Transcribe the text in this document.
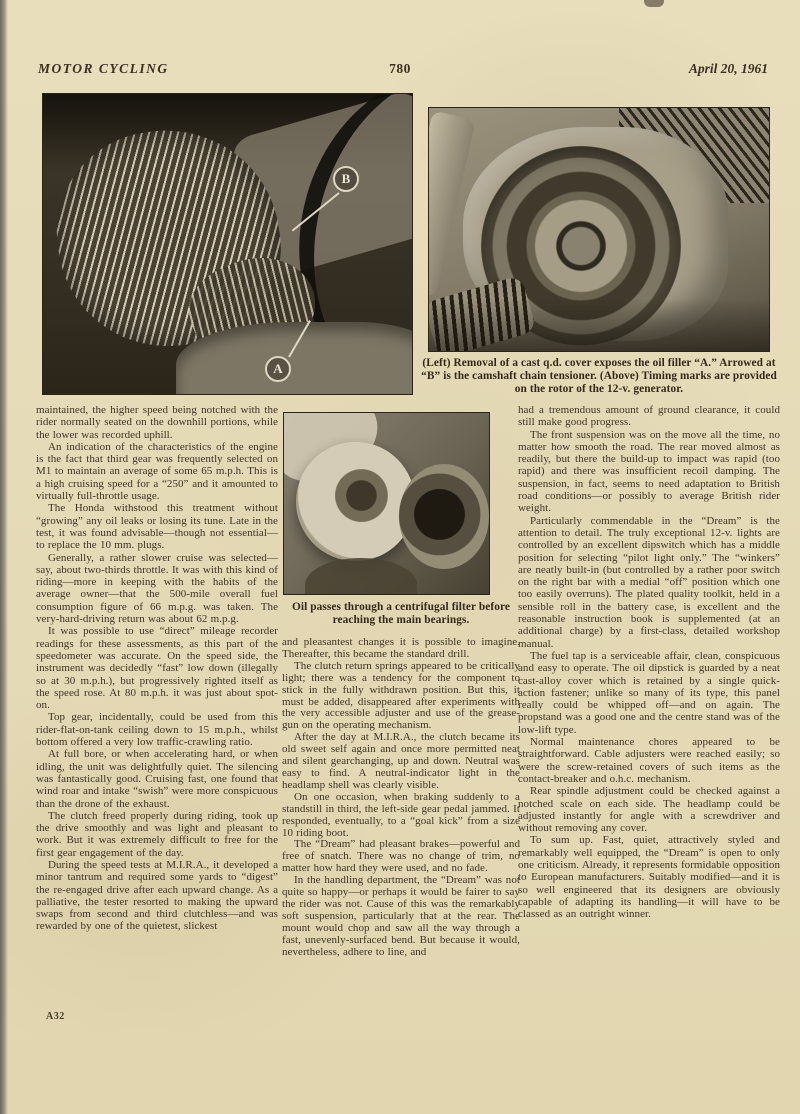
MOTOR CYCLING	780	April 20, 1961
B
A	(Left) Removal of a cast q.d. cover exposes the oil filler “A.” Arrowed at “B” is the camshaft chain tensioner. (Above) Timing marks are provided on the rotor of the 12-v. generator.
Oil passes through a centrifugal filter before reaching the main bearings.

maintained, the higher speed being notched with the rider normally seated on the downhill portions, while the lower was recorded uphill.

An indication of the characteristics of the engine is the fact that third gear was frequently selected on M1 to maintain an average of some 65 m.p.h. This is a high cruising speed for a “250” and it amounted to virtually full-throttle usage.

The Honda withstood this treatment without “growing” any oil leaks or losing its tune. Late in the test, it was found advisable—though not essential—to replace the 10 mm. plugs.

Generally, a rather slower cruise was selected—say, about two-thirds throttle. It was with this kind of riding—more in keeping with the habits of the average owner—that the 500-mile overall fuel consumption figure of 66 m.p.g. was taken. The very-hard-driving return was about 62 m.p.g.

It was possible to use “direct” mileage recorder readings for these assessments, as this part of the speedometer was accurate. On the speed side, the instrument was decidedly “fast” low down (illegally so at 30 m.p.h.), but progressively righted itself as the speed rose. At 80 m.p.h. it was just about spot-on.

Top gear, incidentally, could be used from this rider-flat-on-tank ceiling down to 15 m.p.h., whilst bottom offered a very low traffic-crawling ratio.

At full bore, or when accelerating hard, or when idling, the unit was delightfully quiet. The silencing was fantastically good. Cruising fast, one found that wind roar and intake “swish” were more conspicuous than the drone of the exhaust.

The clutch freed properly during riding, took up the drive smoothly and was light and pleasant to work. But it was extremely difficult to free for the first gear engagement of the day.

During the speed tests at M.I.R.A., it developed a minor tantrum and required some yards to “digest” the re-engaged drive after each upward change. As a palliative, the tester resorted to making the upward swaps from second and third clutchless—and was rewarded by one of the quietest, slickest

and pleasantest changes it is possible to imagine. Thereafter, this became the standard drill.

The clutch return springs appeared to be critically light; there was a tendency for the component to stick in the fully withdrawn position. But this, it must be added, disappeared after experiments with the very accessible adjuster and use of the grease-gun on the operating mechanism.

After the day at M.I.R.A., the clutch became its old sweet self again and once more permitted neat and silent gearchanging, up and down. Neutral was easy to find. A neutral-indicator light in the headlamp shell was clearly visible.

On one occasion, when braking suddenly to a standstill in third, the left-side gear pedal jammed. It responded, eventually, to a “goal kick” from a size 10 riding boot.

The “Dream” had pleasant brakes—powerful and free of snatch. There was no change of trim, no matter how hard they were used, and no fade.

In the handling department, the “Dream” was not quite so happy—or perhaps it would be fairer to say the rider was not. Cause of this was the remarkably soft suspension, particularly that at the rear. The mount would chop and saw all the way through a fast, unevenly-surfaced bend. But because it would, nevertheless, adhere to line, and

had a tremendous amount of ground clearance, it could still make good progress.

The front suspension was on the move all the time, no matter how smooth the road. The rear moved almost as readily, but there the build-up to impact was rapid (too rapid) and there was insufficient recoil damping. The suspension, in fact, seems to need adaptation to British road conditions—or possibly to average British rider weight.

Particularly commendable in the “Dream” is the attention to detail. The truly exceptional 12-v. lights are controlled by an excellent dipswitch which has a middle position for selecting “pilot light only.” The “winkers” are neatly built-in (but controlled by a rather poor switch on the right bar with a medial “off” position which one too easily overruns). The plated quality toolkit, held in a sensible roll in the battery case, is excellent and the reasonable instruction book is supplemented (at an additional charge) by a first-class, detailed workshop manual.

The fuel tap is a serviceable affair, clean, conspicuous and easy to operate. The oil dipstick is guarded by a neat cast-alloy cover which is retained by a single quick-action fastener; unlike so many of its type, this panel really could be whipped off—and on again. The propstand was a good one and the centre stand was of the low-lift type.

Normal maintenance chores appeared to be straightforward. Cable adjusters were reached easily; so were the screw-retained covers of such items as the contact-breaker and o.h.c. mechanism.

Rear spindle adjustment could be checked against a notched scale on each side. The headlamp could be adjusted instantly for angle with a screwdriver and without removing any cover.

To sum up. Fast, quiet, attractively styled and remarkably well equipped, the “Dream” is open to only one criticism. Already, it represents formidable opposition to European manufacturers. Suitably modified—and it is so well engineered that its designers are obviously capable of adapting its handling—it will have to be classed as an outright winner.

A32
